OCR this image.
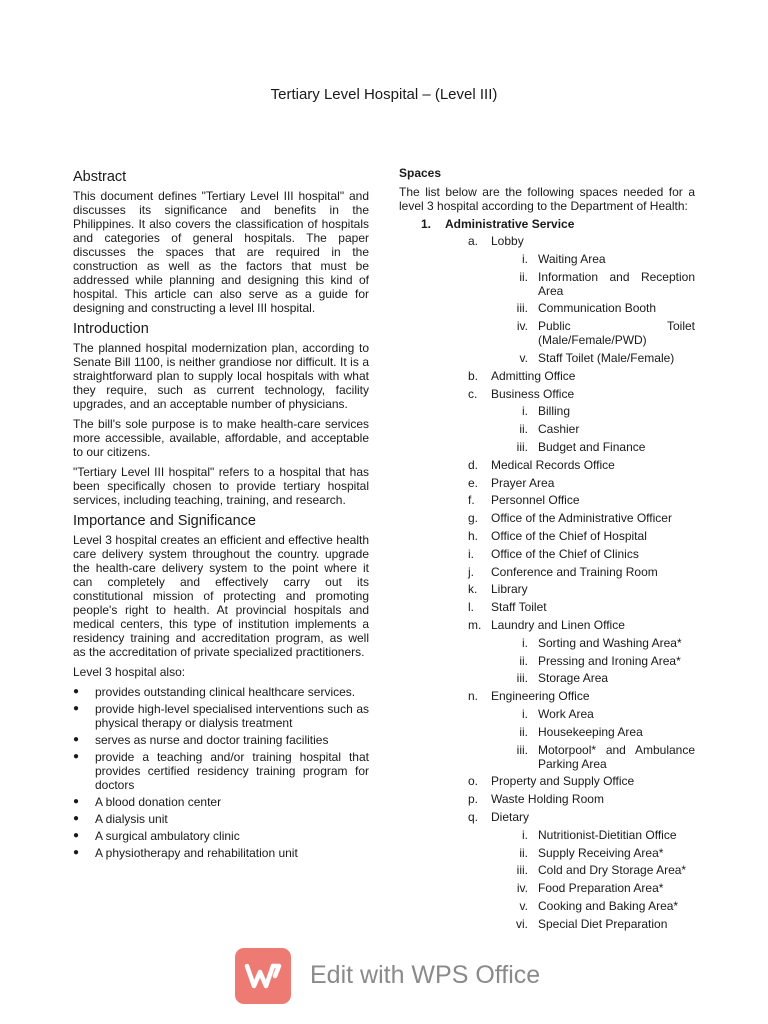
Tertiary Level Hospital – (Level III)
Abstract

This document defines "Tertiary Level III hospital" and discusses its significance and benefits in the Philippines. It also covers the classification of hospitals and categories of general hospitals. The paper discusses the spaces that are required in the construction as well as the factors that must be addressed while planning and designing this kind of hospital. This article can also serve as a guide for designing and constructing a level III hospital.

Introduction

The planned hospital modernization plan, according to Senate Bill 1100, is neither grandiose nor difficult. It is a straightforward plan to supply local hospitals with what they require, such as current technology, facility upgrades, and an acceptable number of physicians.

The bill's sole purpose is to make health-care services more accessible, available, affordable, and acceptable to our citizens.

"Tertiary Level III hospital" refers to a hospital that has been specifically chosen to provide tertiary hospital services, including teaching, training, and research.

Importance and Significance

Level 3 hospital creates an efficient and effective health care delivery system throughout the country. upgrade the health-care delivery system to the point where it can completely and effectively carry out its constitutional mission of protecting and promoting people's right to health. At provincial hospitals and medical centers, this type of institution implements a residency training and accreditation program, as well as the accreditation of private specialized practitioners.

Level 3 hospital also:

● provides outstanding clinical healthcare services.
● provide high-level specialised interventions such as physical therapy or dialysis treatment
● serves as nurse and doctor training facilities
● provide a teaching and/or training hospital that provides certified residency training program for doctors
● A blood donation center
● A dialysis unit
● A surgical ambulatory clinic
● A physiotherapy and rehabilitation unit

Spaces

The list below are the following spaces needed for a level 3 hospital according to the Department of Health:

1. Administrative Service
a. Lobby
i. Waiting Area
ii. Information and Reception Area
iii. Communication Booth
iv. Public Toilet (Male/Female/PWD)
v. Staff Toilet (Male/Female)
b. Admitting Office
c. Business Office
i. Billing
ii. Cashier
iii. Budget and Finance
d. Medical Records Office
e. Prayer Area
f. Personnel Office
g. Office of the Administrative Officer
h. Office of the Chief of Hospital
i. Office of the Chief of Clinics
j. Conference and Training Room
k. Library
l. Staff Toilet
m. Laundry and Linen Office
i. Sorting and Washing Area*
ii. Pressing and Ironing Area*
iii. Storage Area
n. Engineering Office
i. Work Area
ii. Housekeeping Area
iii. Motorpool* and Ambulance Parking Area
o. Property and Supply Office
p. Waste Holding Room
q. Dietary
i. Nutritionist-Dietitian Office
ii. Supply Receiving Area*
iii. Cold and Dry Storage Area*
iv. Food Preparation Area*
v. Cooking and Baking Area*
vi. Special Diet Preparation
Edit with WPS Office
